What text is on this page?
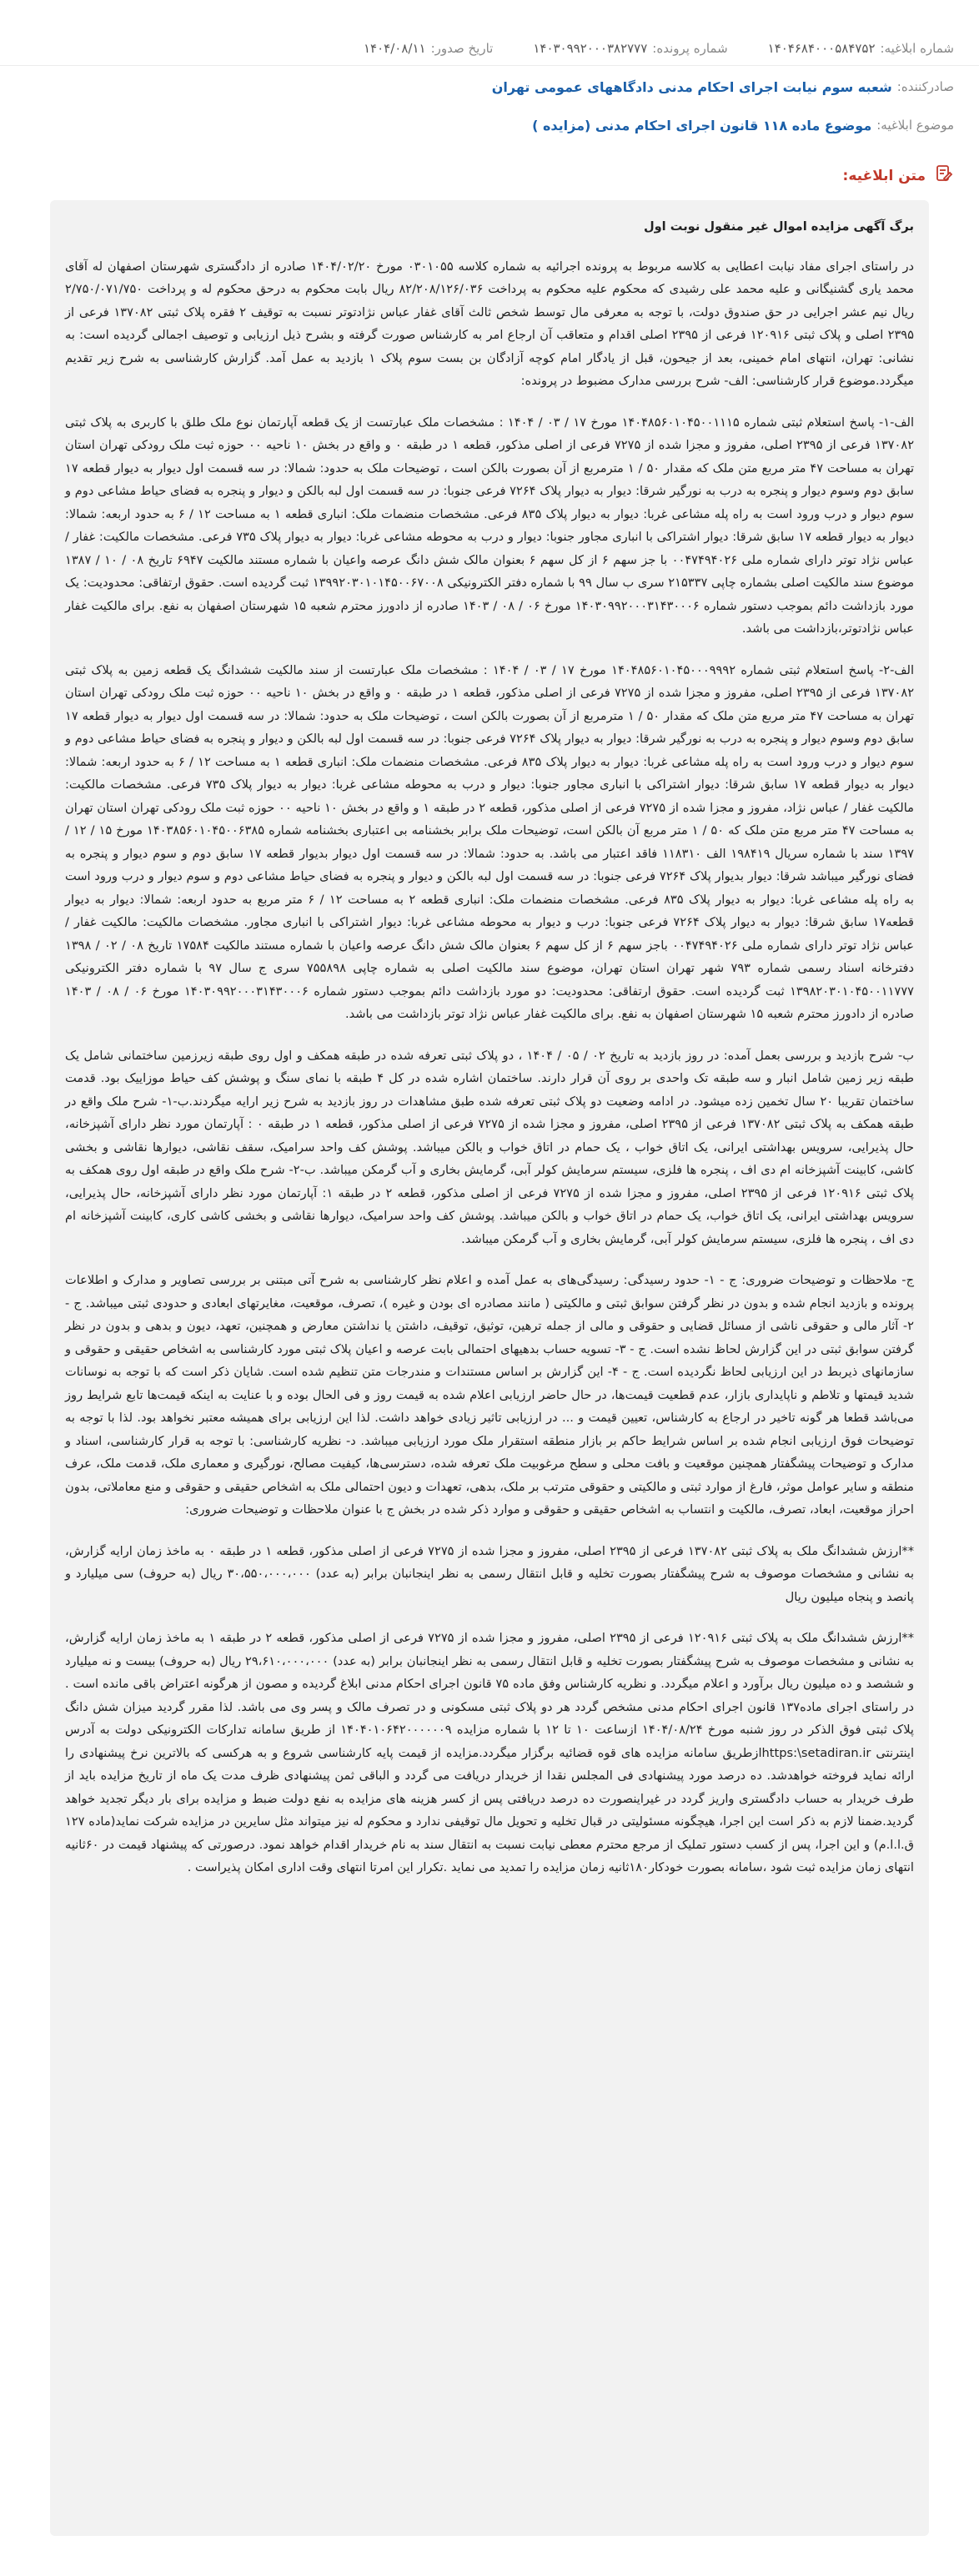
شماره ابلاغیه:
۱۴۰۴۶۸۴۰۰۰۵۸۴۷۵۲
شماره پرونده:
۱۴۰۳۰۹۹۲۰۰۰۳۸۲۷۷۷
تاریخ صدور:
۱۴۰۴/۰۸/۱۱
صادرکننده:
شعبه سوم نیابت اجرای احکام مدنی دادگاههای عمومی تهران
موضوع ابلاغیه:
موضوع ماده ۱۱۸ قانون اجرای احکام مدنی (مزایده )
متن ابلاغیه:

برگ آگهی مزایده اموال غیر منقول نوبت اول

در راستای اجرای مفاد نیابت اعطایی به کلاسه مربوط به پرونده اجرائیه به شماره کلاسه ۰۳۰۱۰۵۵ مورخ ۱۴۰۴/۰۲/۲۰ صادره از دادگستری شهرستان اصفهان له آقای محمد یاری گشنیگانی و علیه محمد علی رشیدی که محکوم علیه محکوم به پرداخت ۸۲/۲۰۸/۱۲۶/۰۳۶ ریال بابت محکوم به درحق محکوم له و پرداخت ۲/۷۵۰/۰۷۱/۷۵۰ ریال نیم عشر اجرایی در حق صندوق دولت، با توجه به معرفی مال توسط شخص ثالث آقای غفار عباس نژادتوتر نسبت به توقیف ۲ فقره پلاک ثبتی ۱۳۷۰۸۲ فرعی از ۲۳۹۵ اصلی و پلاک ثبتی ۱۲۰۹۱۶ فرعی از ۲۳۹۵ اصلی اقدام و متعاقب آن ارجاع امر به کارشناس صورت گرفته و بشرح ذیل ارزیابی و توصیف اجمالی گردیده است: به نشانی: تهران، انتهای امام خمینی، بعد از جیحون، قبل از یادگار امام کوچه آزادگان بن بست سوم پلاک ۱ بازدید به عمل آمد. گزارش کارشناسی به شرح زیر تقدیم میگردد.موضوع قرار کارشناسی: الف- شرح بررسی مدارک مضبوط در پرونده:

الف-۱- پاسخ استعلام ثبتی شماره ۱۴۰۴۸۵۶۰۱۰۴۵۰۰۱۱۱۵ مورخ ۱۷ / ۰۳ / ۱۴۰۴ : مشخصات ملک عبارتست از یک قطعه آپارتمان نوع ملک طلق با کاربری به پلاک ثبتی ۱۳۷۰۸۲ فرعی از ۲۳۹۵ اصلی، مفروز و مجزا شده از ۷۲۷۵ فرعی از اصلی مذکور، قطعه ۱ در طبقه ۰ و واقع در بخش ۱۰ ناحیه ۰۰ حوزه ثبت ملک رودکی تهران استان تهران به مساحت ۴۷ متر مربع متن ملک که مقدار ۵۰ / ۱ مترمربع از آن بصورت بالکن است ، توضیحات ملک به حدود: شمالا: در سه قسمت اول دیوار به دیوار قطعه ۱۷ سابق دوم وسوم دیوار و پنجره به درب به نورگیر شرقا: دیوار به دیوار پلاک ۷۲۶۴ فرعی جنوبا: در سه قسمت اول لبه بالکن و دیوار و پنجره به فضای حیاط مشاعی دوم و سوم دیوار و درب ورود است به راه پله مشاعی غربا: دیوار به دیوار پلاک ۸۳۵ فرعی. مشخصات منضمات ملک: انباری قطعه ۱ به مساحت ۱۲ / ۶ به حدود اربعه: شمالا: دیوار به دیوار قطعه ۱۷ سابق شرقا: دیوار اشتراکی با انباری مجاور جنوبا: دیوار و درب به محوطه مشاعی غربا: دیوار به دیوار پلاک ۷۳۵ فرعی. مشخصات مالکیت: غفار / عباس نژاد توتر دارای شماره ملی ۰۰۴۷۴۹۴۰۲۶ با جز سهم ۶ از کل سهم ۶ بعنوان مالک شش دانگ عرصه واعیان با شماره مستند مالکیت ۶۹۴۷ تاریخ ۰۸ / ۱۰ / ۱۳۸۷ موضوع سند مالکیت اصلی بشماره چاپی ۲۱۵۳۳۷ سری ب سال ۹۹ با شماره دفتر الکترونیکی ۱۳۹۹۲۰۳۰۱۰۱۴۵۰۰۶۷۰۰۸ ثبت گردیده است. حقوق ارتفاقی: محدودیت: یک مورد بازداشت دائم بموجب دستور شماره ۱۴۰۳۰۹۹۲۰۰۰۳۱۴۳۰۰۰۶ مورخ ۰۶ / ۰۸ / ۱۴۰۳ صادره از دادورز محترم شعبه ۱۵ شهرستان اصفهان به نفع. برای مالکیت غفار عباس نژادتوتر،بازداشت می باشد.

الف-۲- پاسخ استعلام ثبتی شماره ۱۴۰۴۸۵۶۰۱۰۴۵۰۰۰۹۹۹۲ مورخ ۱۷ / ۰۳ / ۱۴۰۴ : مشخصات ملک عبارتست از سند مالکیت ششدانگ یک قطعه زمین به پلاک ثبتی ۱۳۷۰۸۲ فرعی از ۲۳۹۵ اصلی، مفروز و مجزا شده از ۷۲۷۵ فرعی از اصلی مذکور، قطعه ۱ در طبقه ۰ و واقع در بخش ۱۰ ناحیه ۰۰ حوزه ثبت ملک رودکی تهران استان تهران به مساحت ۴۷ متر مربع متن ملک که مقدار ۵۰ / ۱ مترمربع از آن بصورت بالکن است ، توضیحات ملک به حدود: شمالا: در سه قسمت اول دیوار به دیوار قطعه ۱۷ سابق دوم وسوم دیوار و پنجره به درب به نورگیر شرقا: دیوار به دیوار پلاک ۷۲۶۴ فرعی جنوبا: در سه قسمت اول لبه بالکن و دیوار و پنجره به فضای حیاط مشاعی دوم و سوم دیوار و درب ورود است به راه پله مشاعی غربا: دیوار به دیوار پلاک ۸۳۵ فرعی. مشخصات منضمات ملک: انباری قطعه ۱ به مساحت ۱۲ / ۶ به حدود اربعه: شمالا: دیوار به دیوار قطعه ۱۷ سابق شرقا: دیوار اشتراکی با انباری مجاور جنوبا: دیوار و درب به محوطه مشاعی غربا: دیوار به دیوار پلاک ۷۳۵ فرعی. مشخصات مالکیت: مالکیت غفار / عباس نژاد، مفروز و مجزا شده از ۷۲۷۵ فرعی از اصلی مذکور، قطعه ۲ در طبقه ۱ و واقع در بخش ۱۰ ناحیه ۰۰ حوزه ثبت ملک رودکی تهران استان تهران به مساحت ۴۷ متر مربع متن ملک که ۵۰ / ۱ متر مربع آن بالکن است، توضیحات ملک برابر بخشنامه بی اعتباری بخشنامه شماره ۱۴۰۳۸۵۶۰۱۰۴۵۰۰۶۳۸۵ مورخ ۱۵ / ۱۲ / ۱۳۹۷ سند با شماره سریال ۱۹۸۴۱۹ الف ۱۱۸۳۱۰ فاقد اعتبار می باشد. به حدود: شمالا: در سه قسمت اول دیوار بدیوار قطعه ۱۷ سابق دوم و سوم دیوار و پنجره به فضای نورگیر میباشد شرقا: دیوار بدیوار پلاک ۷۲۶۴ فرعی جنوبا: در سه قسمت اول لبه بالکن و دیوار و پنجره به فضای حیاط مشاعی دوم و سوم دیوار و درب ورود است به راه پله مشاعی غربا: دیوار به دیوار پلاک ۸۳۵ فرعی. مشخصات منضمات ملک: انباری قطعه ۲ به مساحت ۱۲ / ۶ متر مربع به حدود اربعه: شمالا: دیوار به دیوار قطعه۱۷ سابق شرقا: دیوار به دیوار پلاک ۷۲۶۴ فرعی جنوبا: درب و دیوار به محوطه مشاعی غربا: دیوار اشتراکی با انباری مجاور. مشخصات مالکیت: مالکیت غفار / عباس نژاد توتر دارای شماره ملی ۰۰۴۷۴۹۴۰۲۶ باجز سهم ۶ از کل سهم ۶ بعنوان مالک شش دانگ عرصه واعیان با شماره مستند مالکیت ۱۷۵۸۴ تاریخ ۰۸ / ۰۲ / ۱۳۹۸ دفترخانه اسناد رسمی شماره ۷۹۳ شهر تهران استان تهران، موضوع سند مالکیت اصلی به شماره چاپی ۷۵۵۸۹۸ سری ج سال ۹۷ با شماره دفتر الکترونیکی ۱۳۹۸۲۰۳۰۱۰۴۵۰۰۱۱۷۷۷ ثبت گردیده است. حقوق ارتفاقی: محدودیت: دو مورد بازداشت دائم بموجب دستور شماره ۱۴۰۳۰۹۹۲۰۰۰۳۱۴۳۰۰۰۶ مورخ ۰۶ / ۰۸ / ۱۴۰۳ صادره از دادورز محترم شعبه ۱۵ شهرستان اصفهان به نفع. برای مالکیت غفار عباس نژاد توتر بازداشت می باشد.

ب- شرح بازدید و بررسی بعمل آمده: در روز بازدید به تاریخ ۰۲ / ۰۵ / ۱۴۰۴ ، دو پلاک ثبتی تعرفه شده در طبقه همکف و اول روی طبقه زیرزمین ساختمانی شامل یک طبقه زیر زمین شامل انبار و سه طبقه تک واحدی بر روی آن قرار دارند. ساختمان اشاره شده در کل ۴ طبقه با نمای سنگ و پوشش کف حیاط موزاییک بود. قدمت ساختمان تقریبا ۲۰ سال تخمین زده میشود. در ادامه وضعیت دو پلاک ثبتی تعرفه شده طبق مشاهدات در روز بازدید به شرح زیر ارایه میگردند.ب-۱- شرح ملک واقع در طبقه همکف به پلاک ثبتی ۱۳۷۰۸۲ فرعی از ۲۳۹۵ اصلی، مفروز و مجزا شده از ۷۲۷۵ فرعی از اصلی مذکور، قطعه ۱ در طبقه ۰ : آپارتمان مورد نظر دارای آشپزخانه، حال پذیرایی، سرویس بهداشتی ایرانی، یک اتاق خواب ، یک حمام در اتاق خواب و بالکن میباشد. پوشش کف واحد سرامیک، سقف نقاشی، دیوارها نقاشی و بخشی کاشی، کابینت آشپزخانه ام دی اف ، پنجره ها فلزی، سیستم سرمایش کولر آبی، گرمایش بخاری و آب گرمکن میباشد. ب-۲- شرح ملک واقع در طبقه اول روی همکف به پلاک ثبتی ۱۲۰۹۱۶ فرعی از ۲۳۹۵ اصلی، مفروز و مجزا شده از ۷۲۷۵ فرعی از اصلی مذکور، قطعه ۲ در طبقه ۱: آپارتمان مورد نظر دارای آشپزخانه، حال پذیرایی، سرویس بهداشتی ایرانی، یک اتاق خواب، یک حمام در اتاق خواب و بالکن میباشد. پوشش کف واحد سرامیک، دیوارها نقاشی و بخشی کاشی کاری، کابینت آشپزخانه ام دی اف ، پنجره ها فلزی، سیستم سرمایش کولر آبی، گرمایش بخاری و آب گرمکن میباشد.

ج- ملاحظات و توضیحات ضروری: ج - ۱- حدود رسیدگی: رسیدگی‌های به عمل آمده و اعلام نظر کارشناسی به شرح آتی مبتنی بر بررسی تصاویر و مدارک و اطلاعات پرونده و بازدید انجام شده و بدون در نظر گرفتن سوابق ثبتی و مالکیتی ( مانند مصادره ای بودن و غیره )، تصرف، موقعیت، مغایرتهای ابعادی و حدودی ثبتی میباشد. ج - ۲- آثار مالی و حقوقی ناشی از مسائل قضایی و حقوقی و مالی از جمله ترهین، توثیق، توقیف، داشتن یا نداشتن معارض و همچنین، تعهد، دیون و بدهی و بدون در نظر گرفتن سوابق ثبتی در این گزارش لحاظ نشده است. ج - ۳- تسویه حساب بدهیهای احتمالی بابت عرصه و اعیان پلاک ثبتی مورد کارشناسی به اشخاص حقیقی و حقوقی و سازمانهای ذیربط در این ارزیابی لحاظ نگردیده است. ج - ۴- این گزارش بر اساس مستندات و مندرجات متن تنظیم شده است. شایان ذکر است که با توجه به نوسانات شدید قیمتها و تلاطم و ناپایداری بازار، عدم قطعیت قیمت‌ها، در حال حاضر ارزیابی اعلام شده به قیمت روز و فی الحال بوده و با عنایت به اینکه قیمت‌ها تابع شرایط روز می‌باشد قطعا هر گونه تاخیر در ارجاع به کارشناس، تعیین قیمت و ... در ارزیابی تاثیر زیادی خواهد داشت. لذا این ارزیابی برای همیشه معتبر نخواهد بود. لذا با توجه به توضیحات فوق ارزیابی انجام شده بر اساس شرایط حاکم بر بازار منطقه استقرار ملک مورد ارزیابی میباشد. د- نظریه کارشناسی: با توجه به قرار کارشناسی، اسناد و مدارک و توضیحات پیشگفتار همچنین موقعیت و بافت محلی و سطح مرغوبیت ملک تعرفه شده، دسترسی‌ها، کیفیت مصالح، نورگیری و معماری ملک، قدمت ملک، عرف منطقه و سایر عوامل موثر، فارغ از موارد ثبتی و مالکیتی و حقوقی مترتب بر ملک، بدهی، تعهدات و دیون احتمالی ملک به اشخاص حقیقی و حقوقی و منع معاملاتی، بدون احراز موقعیت، ابعاد، تصرف، مالکیت و انتساب به اشخاص حقیقی و حقوقی و موارد ذکر شده در بخش ج با عنوان ملاحظات و توضیحات ضروری:

**ارزش ششدانگ ملک به پلاک ثبتی ۱۳۷۰۸۲ فرعی از ۲۳۹۵ اصلی، مفروز و مجزا شده از ۷۲۷۵ فرعی از اصلی مذکور، قطعه ۱ در طبقه ۰ به ماخذ زمان ارایه گزارش، به نشانی و مشخصات موصوف به شرح پیشگفتار بصورت تخلیه و قابل انتقال رسمی به نظر اینجانبان برابر (به عدد) ۳۰،۵۵۰،۰۰۰،۰۰۰ ریال (به حروف) سی میلیارد و پانصد و پنجاه میلیون ریال

**ارزش ششدانگ ملک به پلاک ثبتی ۱۲۰۹۱۶ فرعی از ۲۳۹۵ اصلی، مفروز و مجزا شده از ۷۲۷۵ فرعی از اصلی مذکور، قطعه ۲ در طبقه ۱ به ماخذ زمان ارایه گزارش، به نشانی و مشخصات موصوف به شرح پیشگفتار بصورت تخلیه و قابل انتقال رسمی به نظر اینجانبان برابر (به عدد) ۲۹،۶۱۰،۰۰۰،۰۰۰ ریال (به حروف) بیست و نه میلیارد و ششصد و ده میلیون ریال برآورد و اعلام میگردد. و نظریه کارشناس وفق ماده ۷۵ قانون اجرای احکام مدنی ابلاغ گردیده و مصون از هرگونه اعتراض باقی مانده است . در راستای اجرای ماده۱۳۷ قانون اجرای احکام مدنی مشخص گردد هر دو پلاک ثبتی مسکونی و در تصرف مالک و پسر وی می باشد. لذا مقرر گردید میزان شش دانگ پلاک ثبتی فوق الذکر در روز شنبه مورخ ۱۴۰۴/۰۸/۲۴ ازساعت ۱۰ تا ۱۲ با شماره مزایده ۱۴۰۴۰۱۰۶۴۲۰۰۰۰۰۰۹ از طریق سامانه تدارکات الکترونیکی دولت به آدرس اینترنتی https:\setadiran.irازطریق سامانه مزایده های قوه قضائیه برگزار میگردد.مزایده از قیمت پایه کارشناسی شروع و به هرکسی که بالاترین نرخ پیشنهادی را ارائه نماید فروخته خواهدشد. ده درصد مورد پیشنهادی فی المجلس نقدا از خریدار دریافت می گردد و الباقی ثمن پیشنهادی ظرف مدت یک ماه از تاریخ مزایده باید از طرف خریدار به حساب دادگستری واریز گردد در غیراینصورت ده درصد دریافتی پس از کسر هزینه های مزایده به نفع دولت ضبط و مزایده برای بار دیگر تجدید خواهد گردید.ضمنا لازم به ذکر است این اجرا، هیچگونه مسئولیتی در قبال تخلیه و تحویل مال توقیفی ندارد و محکوم له نیز میتواند مثل سایرین در مزایده شرکت نماید(ماده ۱۲۷ ق.ا.ا.م) و این اجرا، پس از کسب دستور تملیک از مرجع محترم معطی نیابت نسبت به انتقال سند به نام خریدار اقدام خواهد نمود. درصورتی که پیشنهاد قیمت در ۶۰ثانیه انتهای زمان مزایده ثبت شود ،سامانه بصورت خودکار۱۸۰ثانیه زمان مزایده را تمدید می نماید .تکرار این امرتا انتهای وقت اداری امکان پذیراست .
